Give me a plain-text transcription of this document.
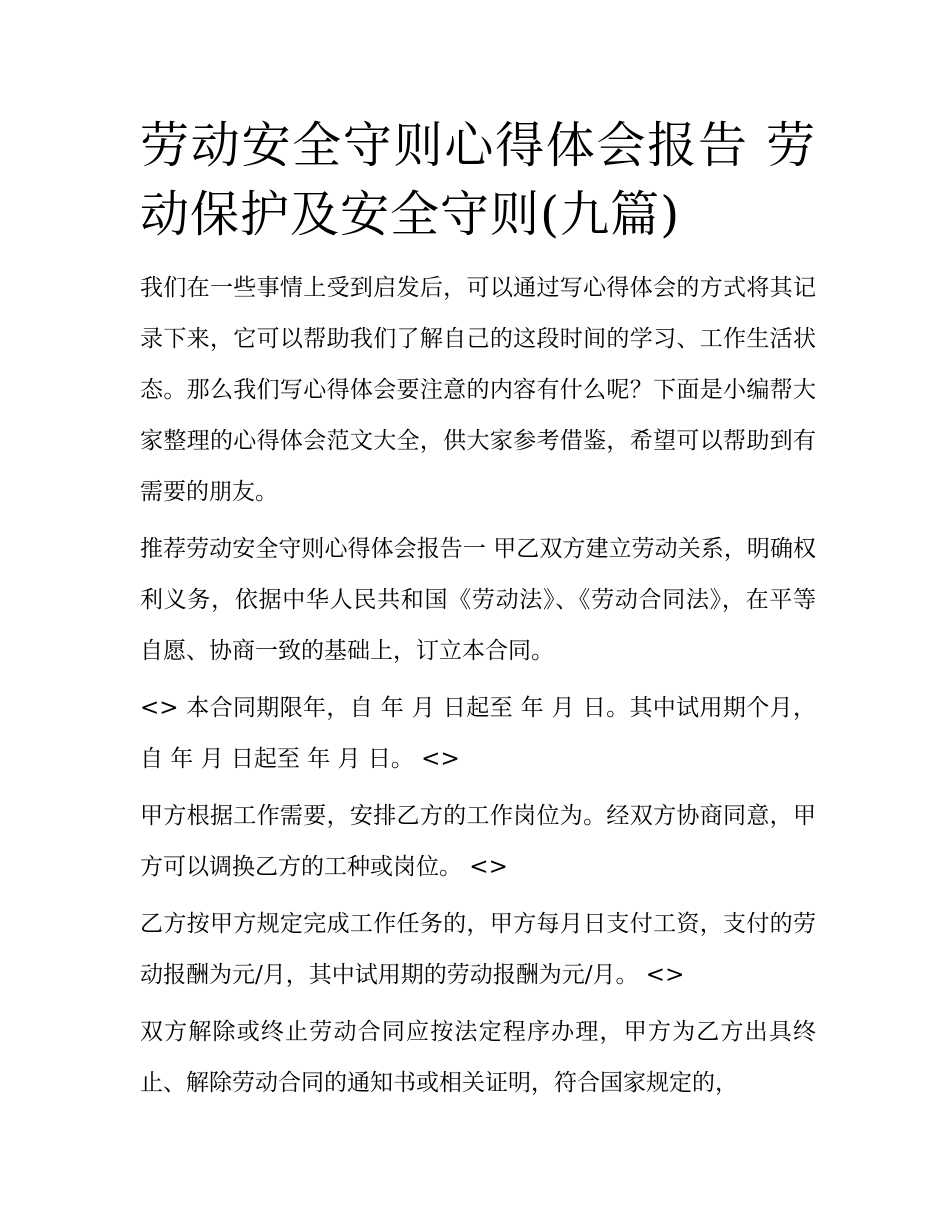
劳动安全守则心得体会报告 劳动保护及安全守则(九篇)

我们在一些事情上受到启发后，可以通过写心得体会的方式将其记录下来，它可以帮助我们了解自己的这段时间的学习、工作生活状态。那么我们写心得体会要注意的内容有什么呢？下面是小编帮大家整理的心得体会范文大全，供大家参考借鉴，希望可以帮助到有需要的朋友。

推荐劳动安全守则心得体会报告一 甲乙双方建立劳动关系，明确权利义务，依据中华人民共和国《劳动法》、《劳动合同法》，在平等自愿、协商一致的基础上，订立本合同。

<> 本合同期限年，自 年 月 日起至 年 月 日。其中试用期个月，自 年 月 日起至 年 月 日。 <>

甲方根据工作需要，安排乙方的工作岗位为。经双方协商同意，甲方可以调换乙方的工种或岗位。 <>

乙方按甲方规定完成工作任务的，甲方每月日支付工资，支付的劳动报酬为元/月，其中试用期的劳动报酬为元/月。 <>

双方解除或终止劳动合同应按法定程序办理，甲方为乙方出具终止、解除劳动合同的通知书或相关证明，符合国家规定的，
